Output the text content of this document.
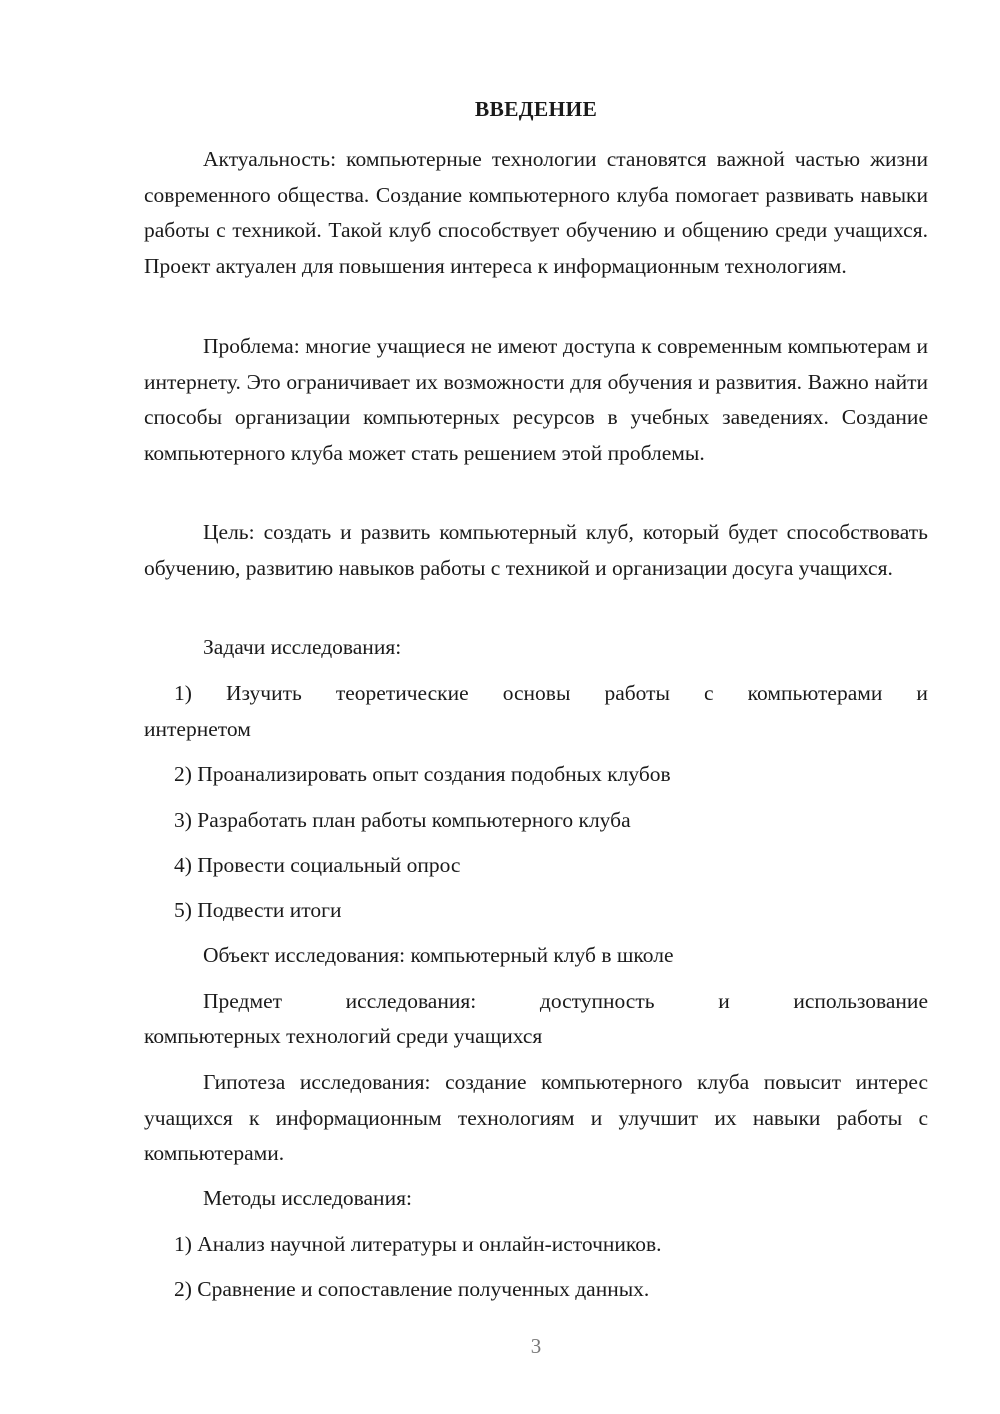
ВВЕДЕНИЕ
Актуальность: компьютерные технологии становятся важной частью жизни современного общества. Создание компьютерного клуба помогает развивать навыки работы с техникой. Такой клуб способствует обучению и общению среди учащихся. Проект актуален для повышения интереса к информационным технологиям.
Проблема: многие учащиеся не имеют доступа к современным компьютерам и интернету. Это ограничивает их возможности для обучения и развития. Важно найти способы организации компьютерных ресурсов в учебных заведениях. Создание компьютерного клуба может стать решением этой проблемы.
Цель: создать и развить компьютерный клуб, который будет способствовать обучению, развитию навыков работы с техникой и организации досуга учащихся.
Задачи исследования:
1) Изучить теоретические основы работы с компьютерами и
интернетом
2) Проанализировать опыт создания подобных клубов
3) Разработать план работы компьютерного клуба
4) Провести социальный опрос
5) Подвести итоги
Объект исследования: компьютерный клуб в школе
Предмет	исследования:	доступность	и	использование
компьютерных технологий среди учащихся
Гипотеза исследования: создание компьютерного клуба повысит интерес учащихся к информационным технологиям и улучшит их навыки работы с компьютерами.
Методы исследования:
1) Анализ научной литературы и онлайн-источников.
2) Сравнение и сопоставление полученных данных.
3
